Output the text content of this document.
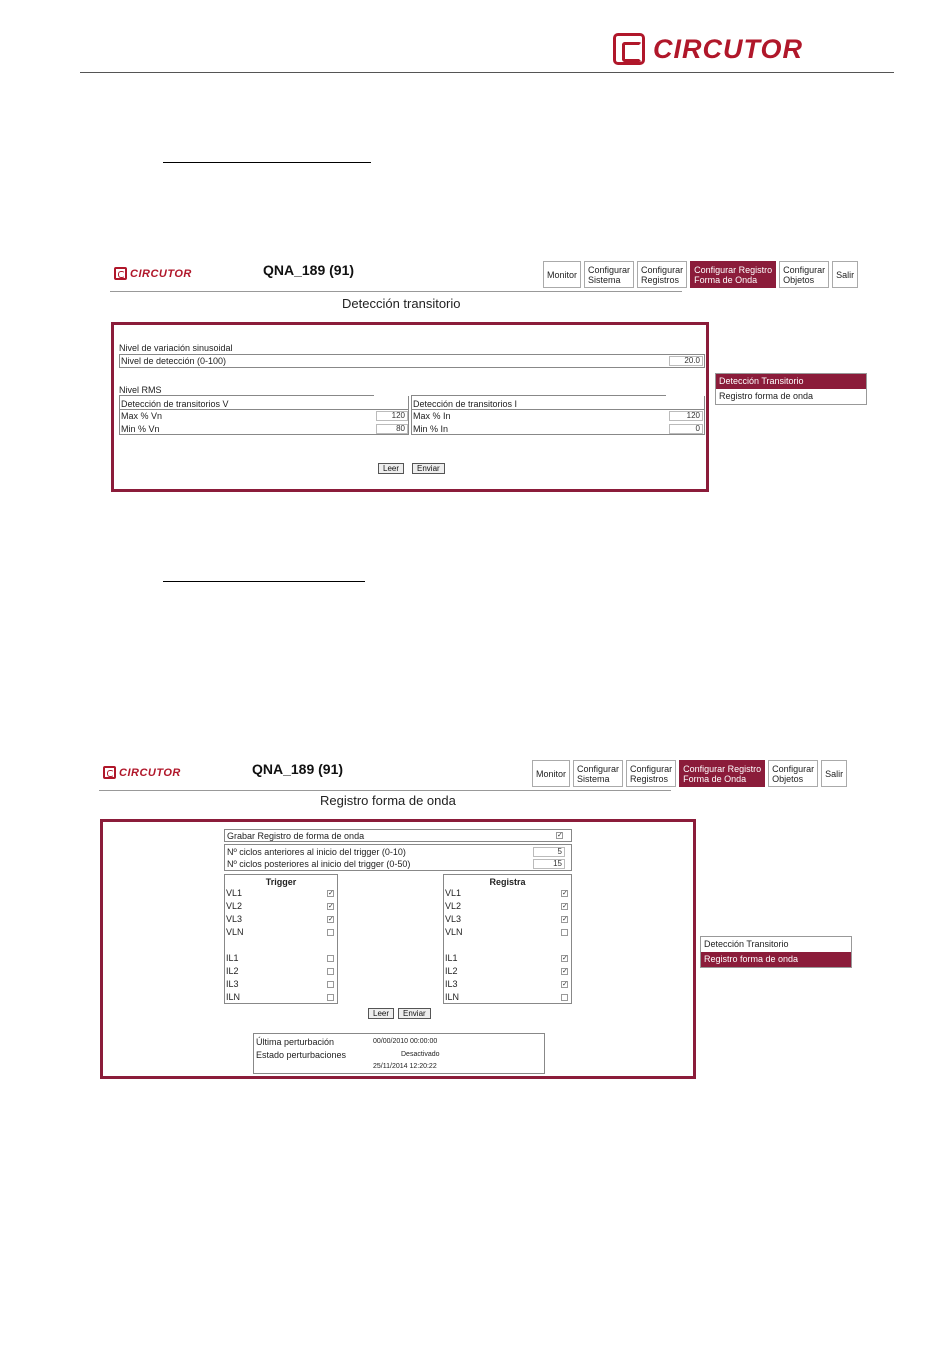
CIRCUTOR
CIRCUTOR	QNA_189 (91)	Monitor Configurar
Sistema
Configurar
Registros
Configurar Registro
Forma de Onda
Configurar
Objetos	Salir
Detección transitorio
Nivel de variación sinusoidal
Nivel de detección (0-100)	20.0
Nivel RMS
Detección de transitorios V
Max % Vn	120
Min % Vn	80
Detección de transitorios I
Max % In	120
Min % In	0
Leer	Enviar
Detección Transitorio
Registro forma de onda
CIRCUTOR	QNA_189 (91)	Monitor Configurar
Sistema
Configurar
Registros
Configurar Registro
Forma de Onda
Configurar
Objetos	Salir
Registro forma de onda
Grabar Registro de forma de onda	✓
Nº ciclos anteriores al inicio del trigger (0-10)	5
Nº ciclos posteriores al inicio del trigger (0-50)	15
Trigger
VL1	✓
VL2	✓
VL3	✓
VLN
IL1
IL2
IL3
ILN
Registra
VL1	✓
VL2	✓
VL3	✓
VLN
IL1	✓
IL2	✓
IL3	✓
ILN
Leer	Enviar
Última perturbación	00/00/2010 00:00:00
Estado perturbaciones	Desactivado
25/11/2014 12:20:22
Detección Transitorio
Registro forma de onda
